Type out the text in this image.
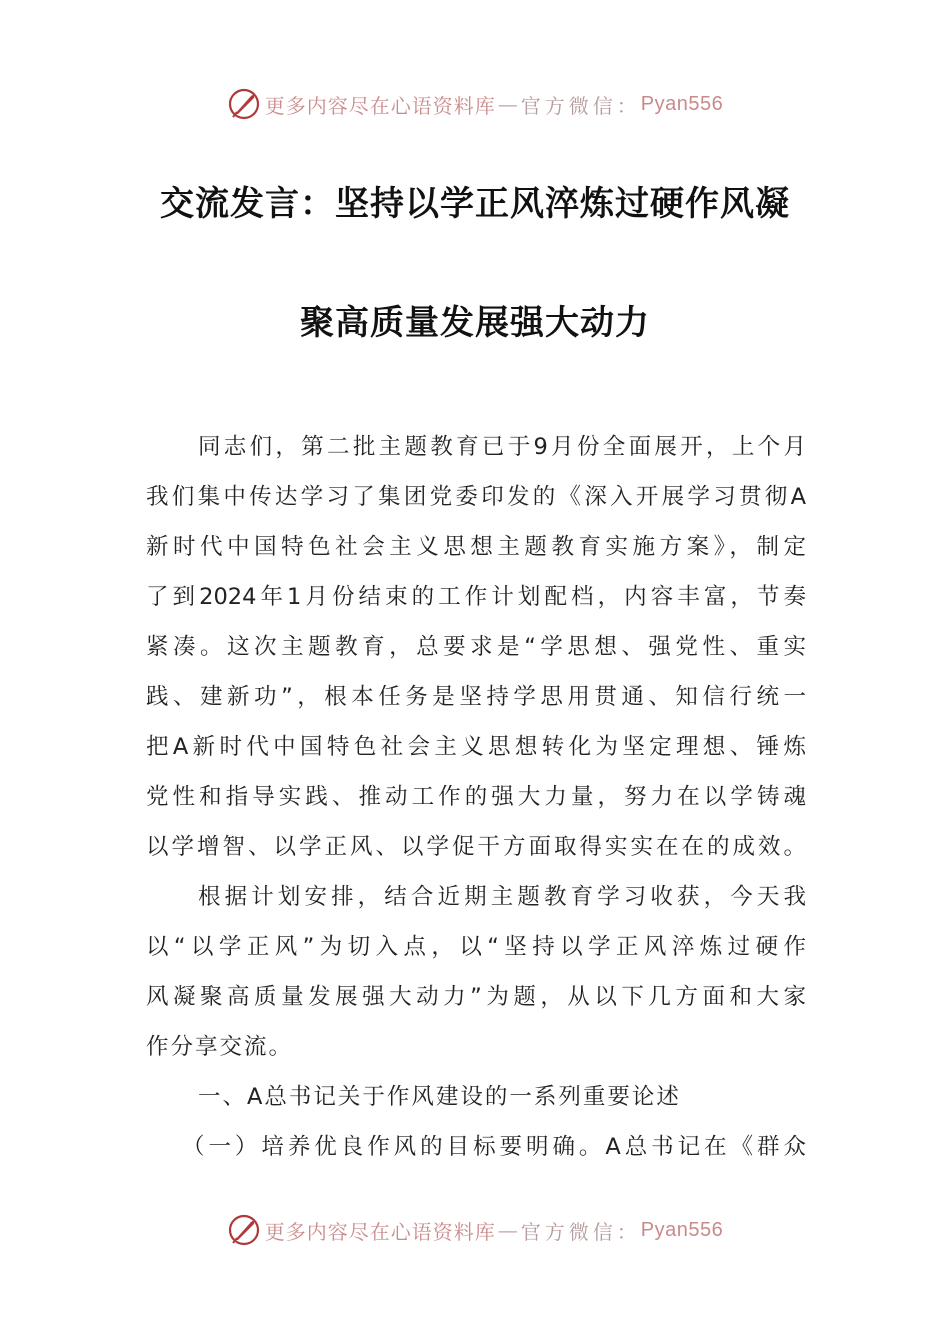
更多内容尽在心语资料库 — 官方微信： Pyan556
交流发言：坚持以学正风淬炼过硬作风凝
聚高质量发展强大动力
同志们，第二批主题教育已于9月份全面展开，上个月
我们集中传达学习了集团党委印发的《深入开展学习贯彻A
新时代中国特色社会主义思想主题教育实施方案》，制定
了到2024年1月份结束的工作计划配档，内容丰富，节奏
紧凑。这次主题教育，总要求是“学思想、强党性、重实
践、建新功”，根本任务是坚持学思用贯通、知信行统一
把A新时代中国特色社会主义思想转化为坚定理想、锤炼
党性和指导实践、推动工作的强大力量，努力在以学铸魂
以学增智、以学正风、以学促干方面取得实实在在的成效。
根据计划安排，结合近期主题教育学习收获，今天我
以“以学正风”为切入点，以“坚持以学正风淬炼过硬作
风凝聚高质量发展强大动力”为题，从以下几方面和大家
作分享交流。
一、A总书记关于作风建设的一系列重要论述
（一）培养优良作风的目标要明确。A总书记在《群众
更多内容尽在心语资料库 — 官方微信： Pyan556
